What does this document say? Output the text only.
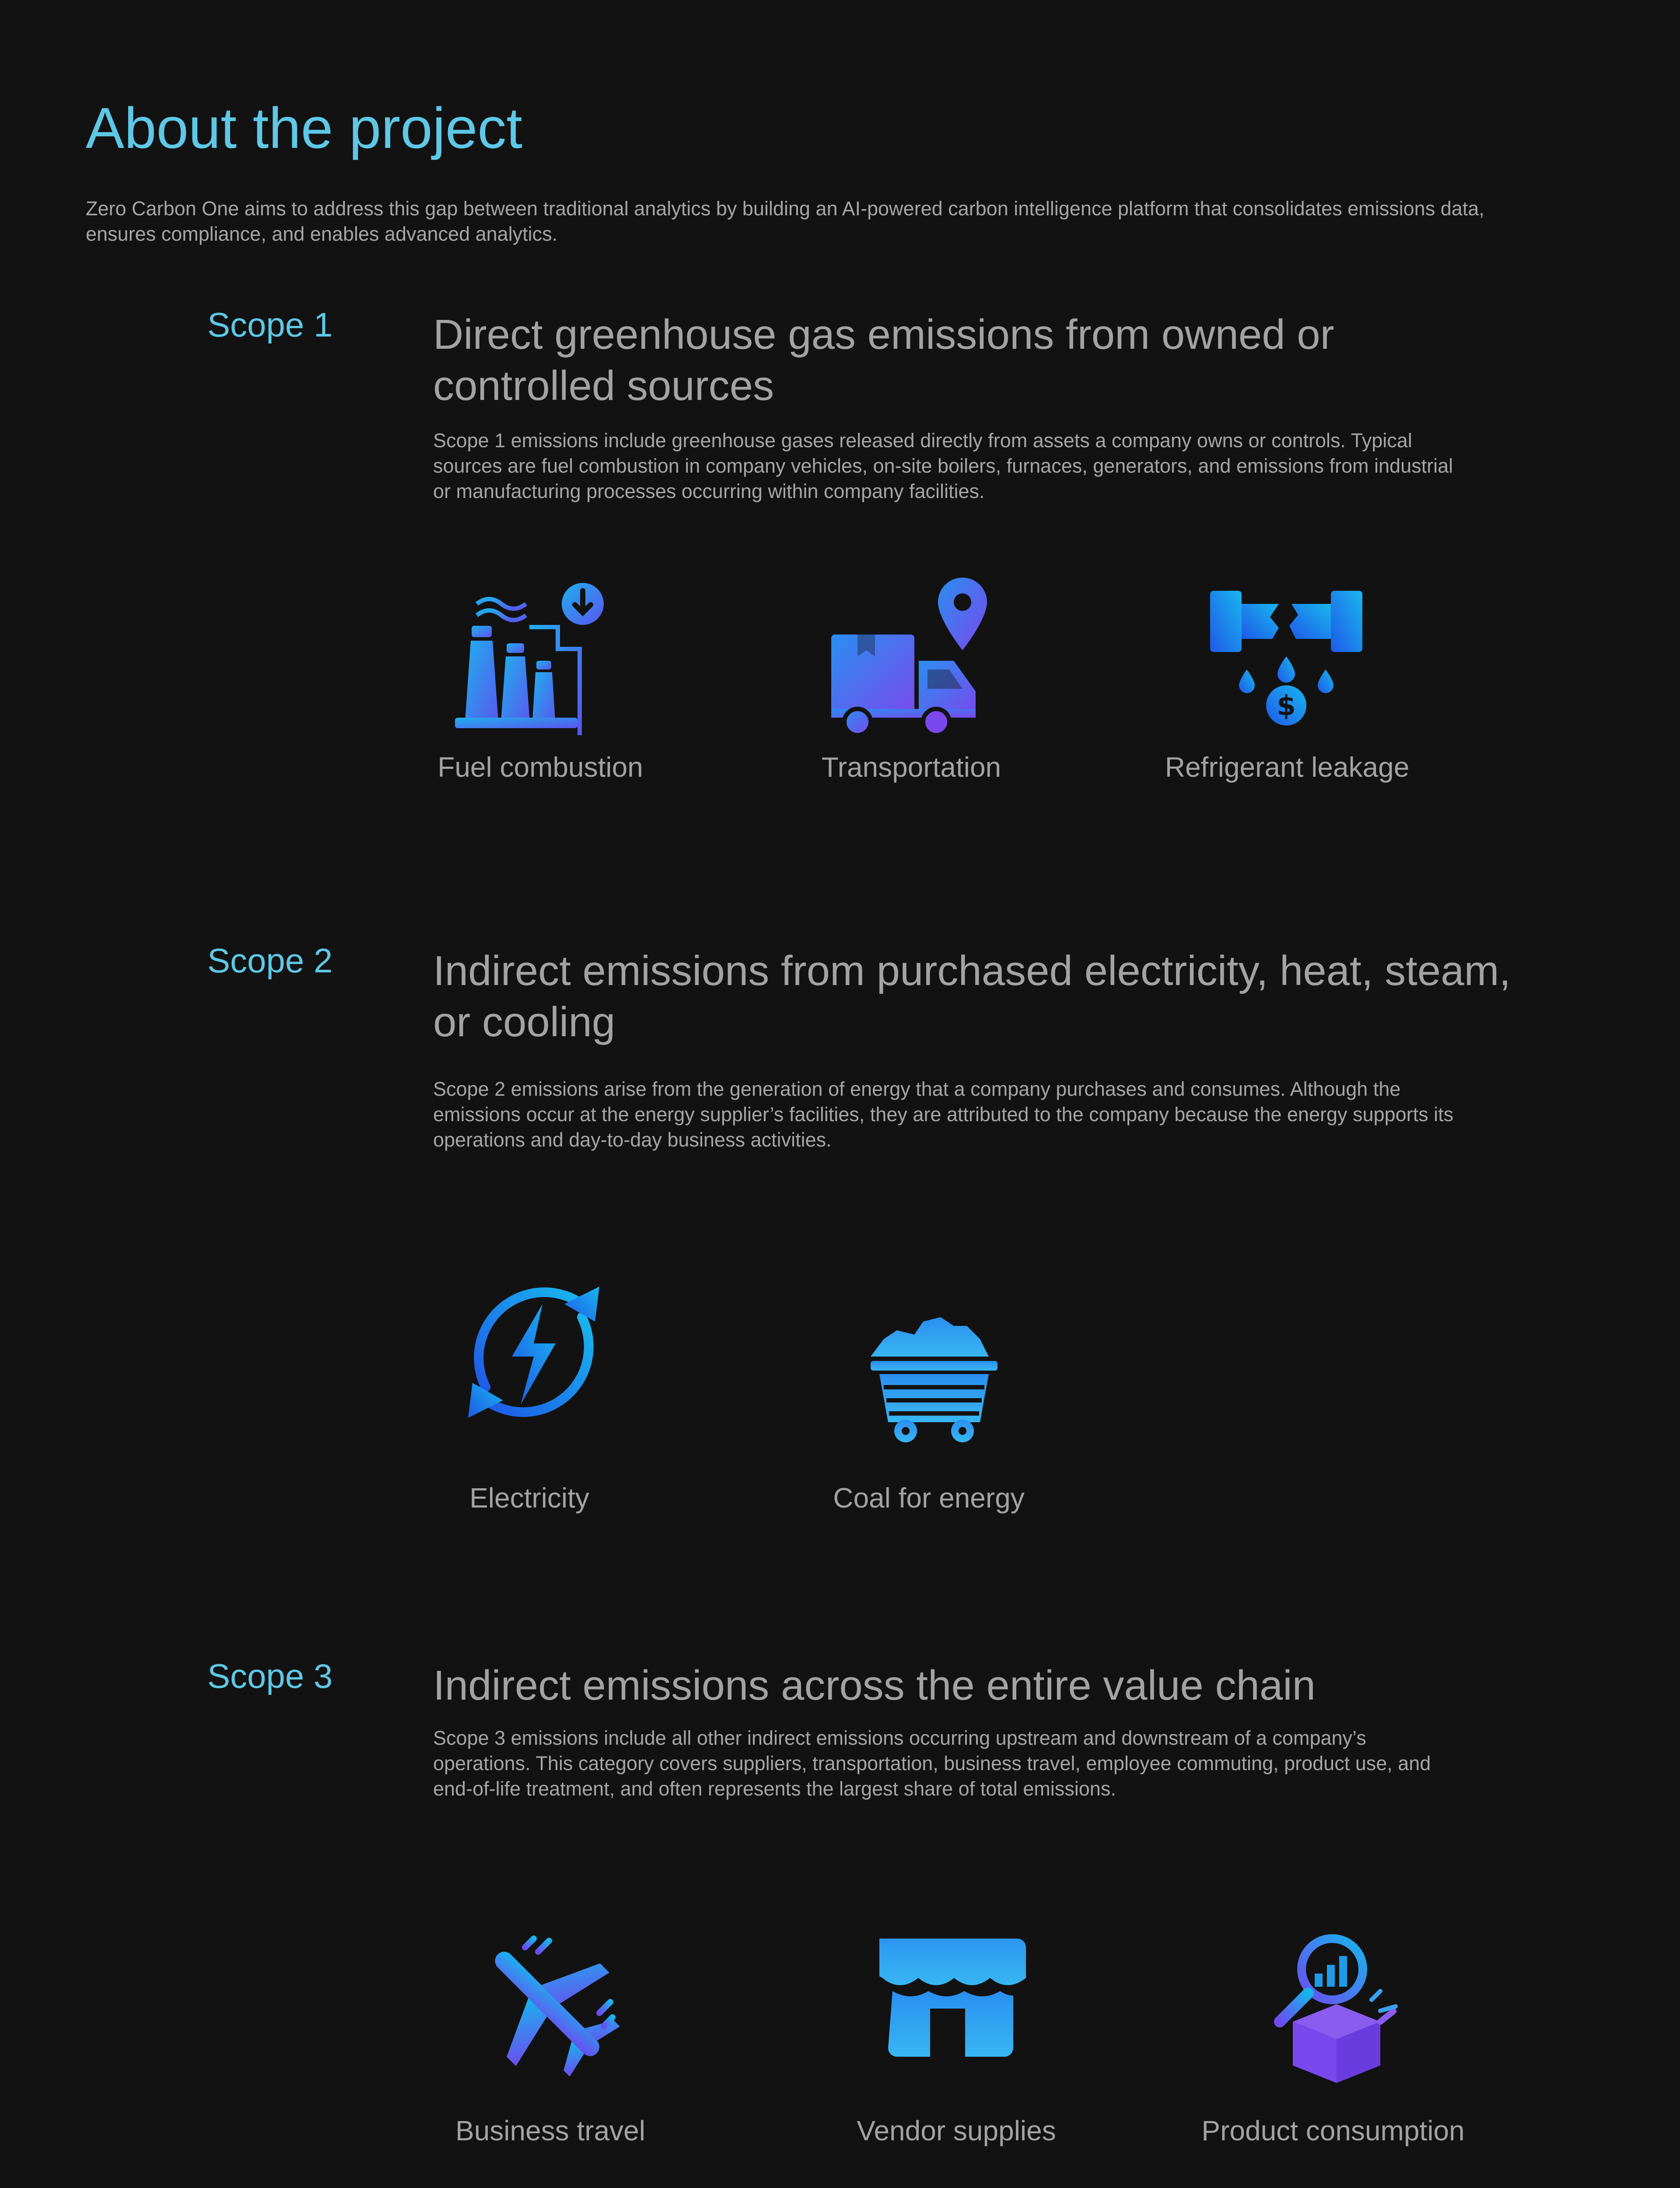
About the project

Zero Carbon One aims to address this gap between traditional analytics by building an AI-powered carbon intelligence platform that consolidates emissions data, ensures compliance, and enables advanced analytics.

Scope 1 Direct greenhouse gas emissions from owned or controlled sources

Scope 1 emissions include greenhouse gases released directly from assets a company owns or controls. Typical sources are fuel combustion in company vehicles, on-site boilers, furnaces, generators, and emissions from industrial or manufacturing processes occurring within company facilities.

Fuel combustion	Transportation

$

Refrigerant leakage

Scope 2 Indirect emissions from purchased electricity, heat, steam, or cooling

Scope 2 emissions arise from the generation of energy that a company purchases and consumes. Although the emissions occur at the energy supplier’s facilities, they are attributed to the company because the energy supports its operations and day-to-day business activities.

Electricity	Coal for energy

Scope 3 Indirect emissions across the entire value chain

Scope 3 emissions include all other indirect emissions occurring upstream and downstream of a company’s operations. This category covers suppliers, transportation, business travel, employee commuting, product use, and end-of-life treatment, and often represents the largest share of total emissions.

Business travel	Vendor supplies	Product consumption
